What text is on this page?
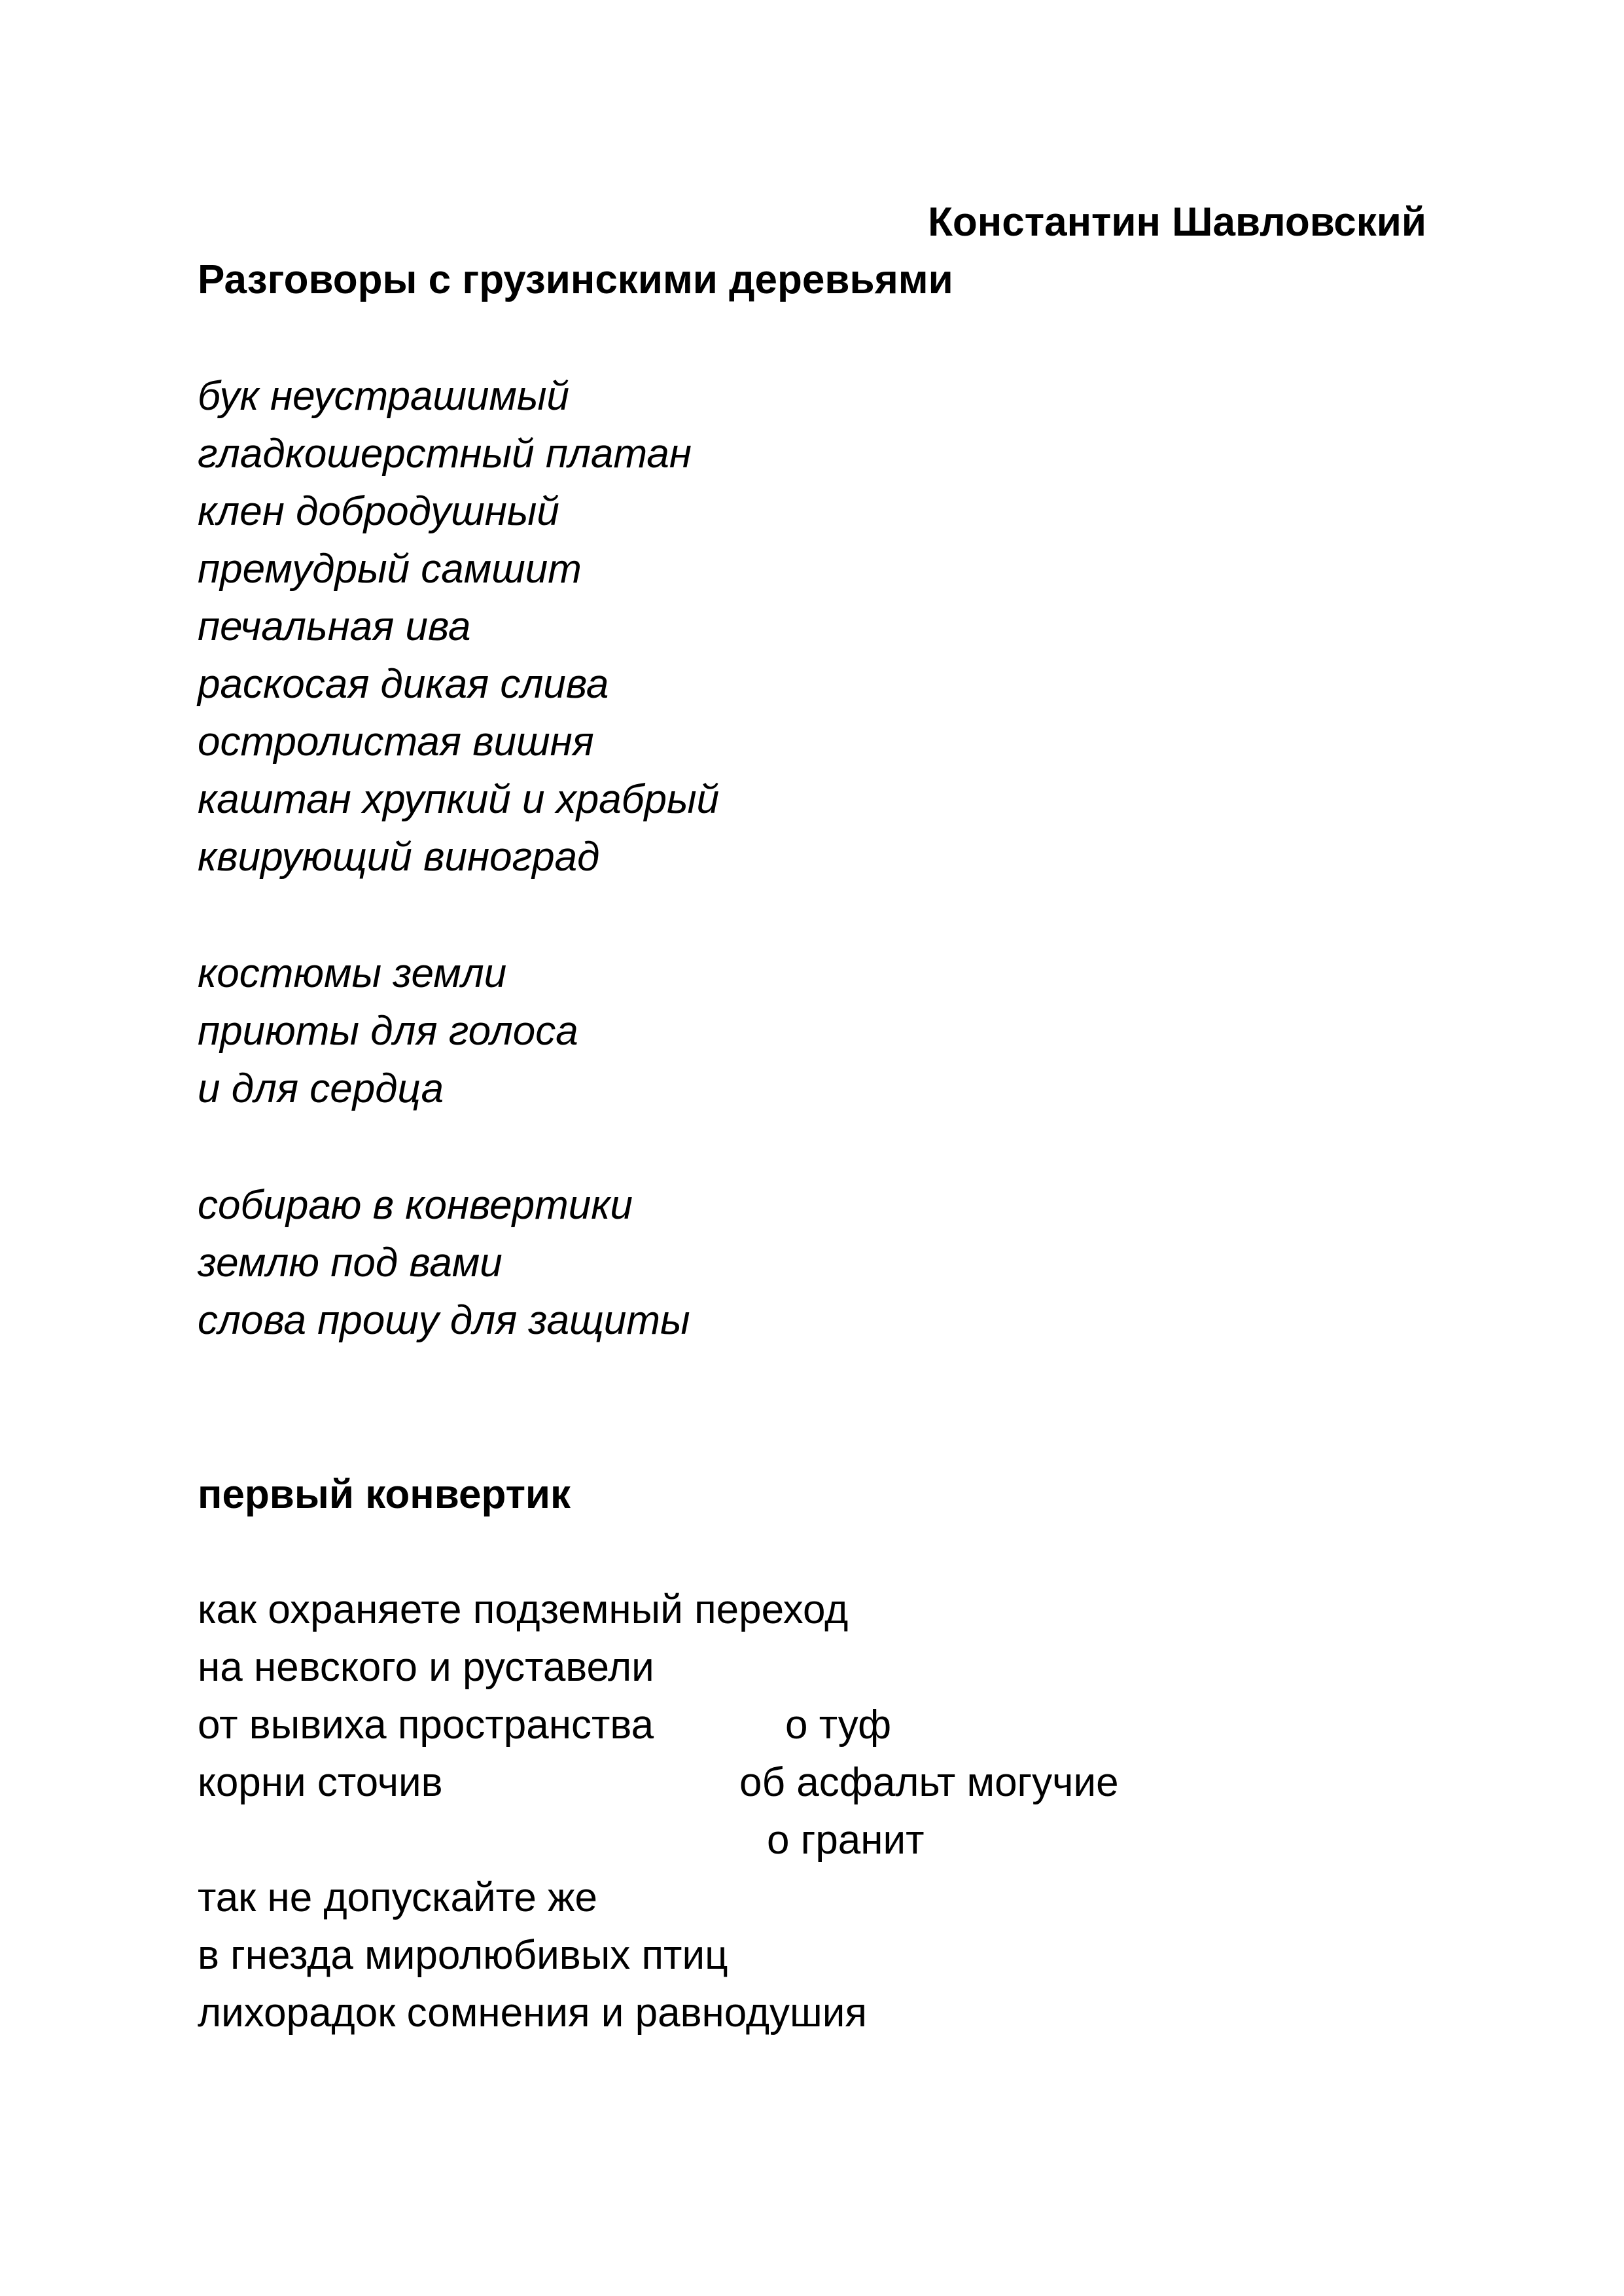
Константин Шавловский
Разговоры с грузинскими деревьями
бук неустрашимый
гладкошерстный платан
клен добродушный
премудрый самшит
печальная ива
раскосая дикая слива
остролистая вишня
каштан хрупкий и храбрый
квирующий виноград
костюмы земли
приюты для голоса
и для сердца
собираю в конвертики
землю под вами
слова прошу для защиты
первый конвертик
как охраняете подземный переход
на невского и руставели
от вывиха пространства	о туф
корни сточив	об асфальт могучие
о гранит
так не допускайте же
в гнезда миролюбивых птиц
лихорадок сомнения и равнодушия
